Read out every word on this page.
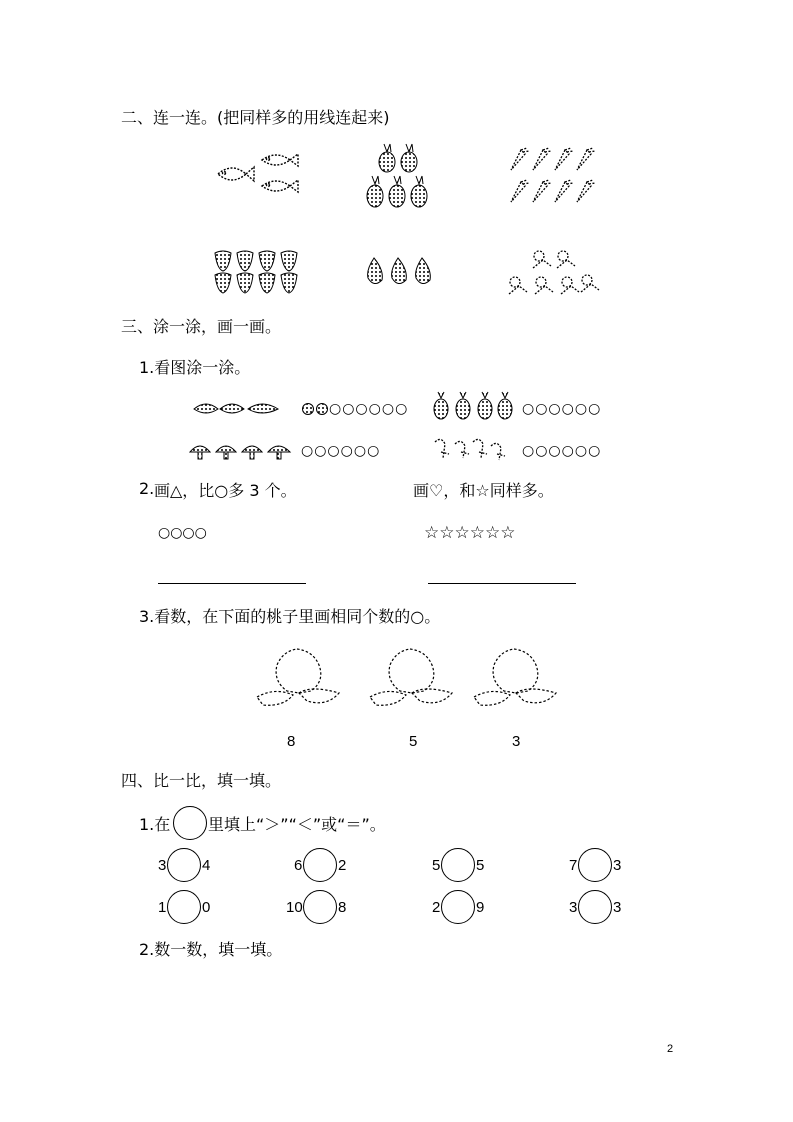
二、连一连。(把同样多的用线连起来)
三、涂一涂，画一画。
1.看图涂一涂。
○○○○○○	○○○○○○
○○○○○○	○○○○○○
2. 画△，比○多 3 个。	画♡，和☆同样多。
○○○○	☆☆☆☆☆☆
3.看数，在下面的桃子里画相同个数的○。
8	5	3
四、比一比，填一填。
1.在 里填上“＞”“＜”或“＝”。
3 4	6 2	5 5	7 3
1 0	10 8	2 9	3 3
2.数一数，填一填。
2
